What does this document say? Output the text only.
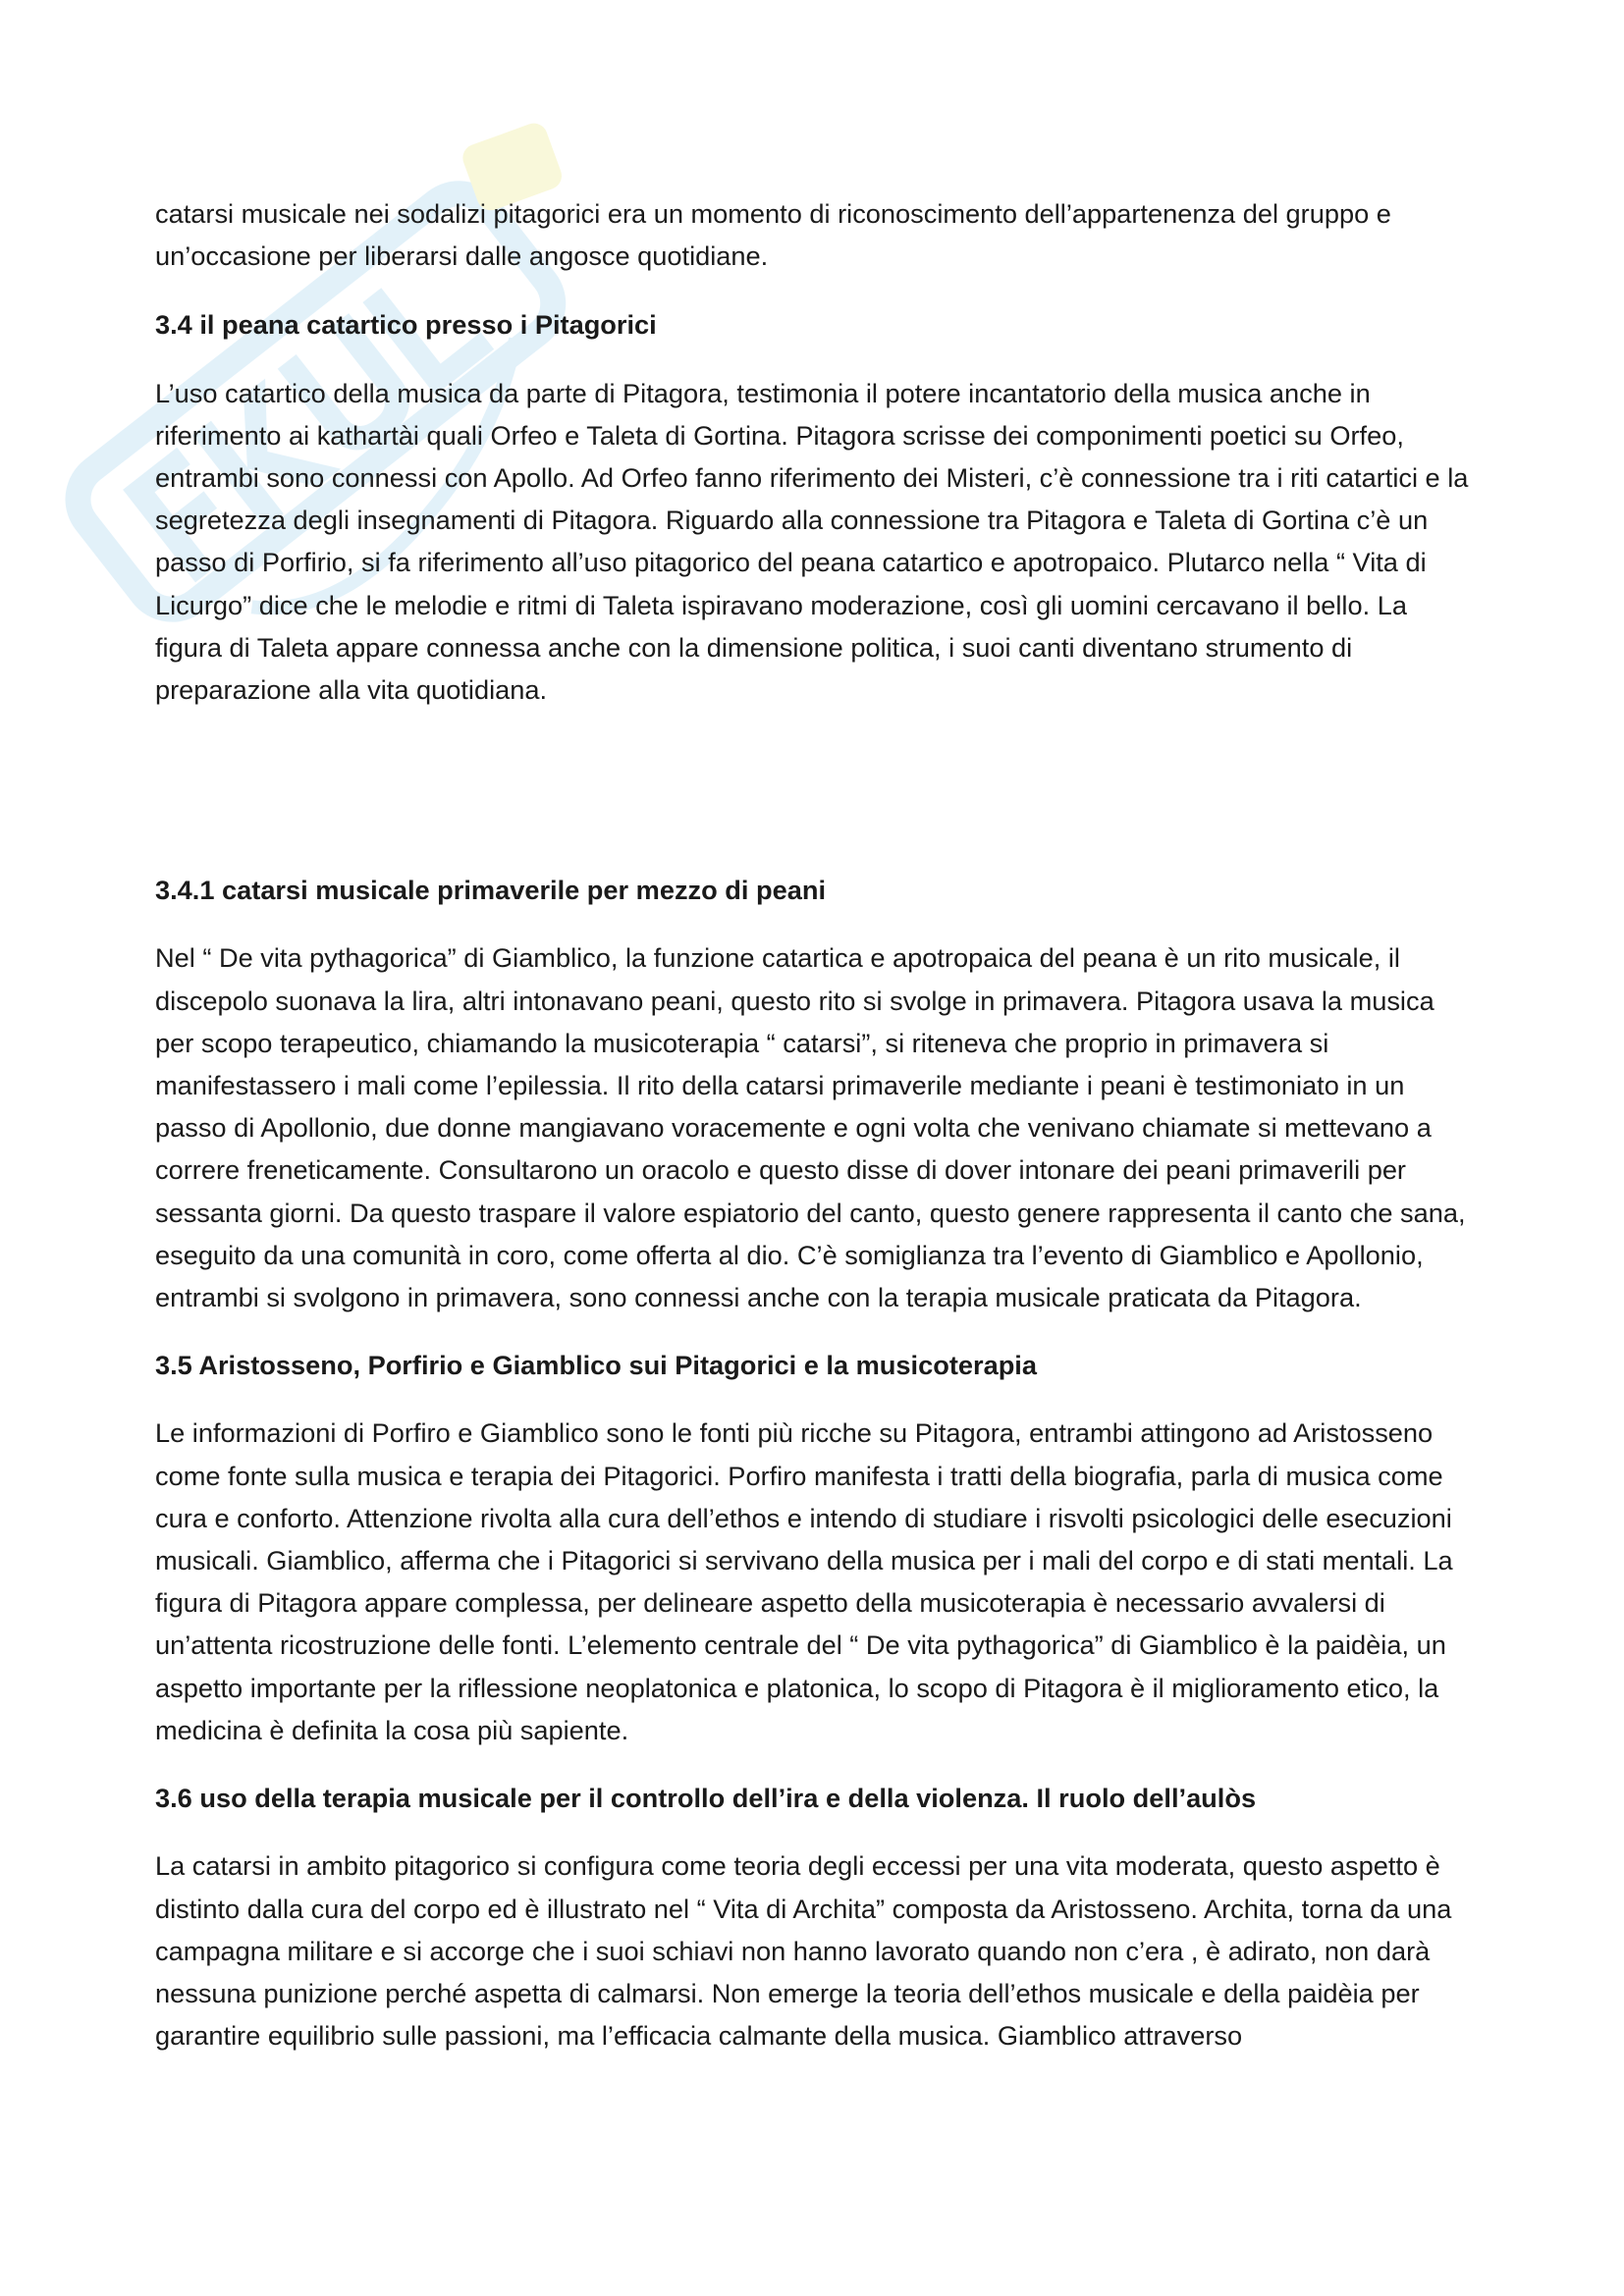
catarsi musicale nei sodalizi pitagorici era un momento di riconoscimento dell’appartenenza del gruppo e un’occasione per liberarsi dalle angosce quotidiane.

3.4 il peana catartico presso i Pitagorici

L’uso catartico della musica da parte di Pitagora, testimonia il potere incantatorio della musica anche in riferimento ai kathartài quali Orfeo e Taleta di Gortina. Pitagora scrisse dei componimenti poetici su Orfeo, entrambi sono connessi con Apollo. Ad Orfeo fanno riferimento dei Misteri, c’è connessione tra i riti catartici e la segretezza degli insegnamenti di Pitagora. Riguardo alla connessione tra Pitagora e Taleta di Gortina c’è un passo di Porfirio, si fa riferimento all’uso pitagorico del peana catartico e apotropaico. Plutarco nella “ Vita di Licurgo” dice che le melodie e ritmi di Taleta ispiravano moderazione, così gli uomini cercavano il bello. La figura di Taleta appare connessa anche con la dimensione politica, i suoi canti diventano strumento di preparazione alla vita quotidiana.

3.4.1 catarsi musicale primaverile per mezzo di peani

Nel “ De vita pythagorica” di Giamblico, la funzione catartica e apotropaica del peana è un rito musicale, il discepolo suonava la lira, altri intonavano peani, questo rito si svolge in primavera. Pitagora usava la musica per scopo terapeutico, chiamando la musicoterapia “ catarsi”, si riteneva che proprio in primavera si manifestassero i mali come l’epilessia. Il rito della catarsi primaverile mediante i peani è testimoniato in un passo di Apollonio, due donne mangiavano voracemente e ogni volta che venivano chiamate si mettevano a correre freneticamente. Consultarono un oracolo e questo disse di dover intonare dei peani primaverili per sessanta giorni. Da questo traspare il valore espiatorio del canto, questo genere rappresenta il canto che sana, eseguito da una comunità in coro, come offerta al dio. C’è somiglianza tra l’evento di Giamblico e Apollonio, entrambi si svolgono in primavera, sono connessi anche con la terapia musicale praticata da Pitagora.

3.5 Aristosseno, Porfirio e Giamblico sui Pitagorici e la musicoterapia

Le informazioni di Porfiro e Giamblico sono le fonti più ricche su Pitagora, entrambi attingono ad Aristosseno come fonte sulla musica e terapia dei Pitagorici. Porfiro manifesta i tratti della biografia, parla di musica come cura e conforto. Attenzione rivolta alla cura dell’ethos e intendo di studiare i risvolti psicologici delle esecuzioni musicali. Giamblico, afferma che i Pitagorici si servivano della musica per i mali del corpo e di stati mentali. La figura di Pitagora appare complessa, per delineare aspetto della musicoterapia è necessario avvalersi di un’attenta ricostruzione delle fonti. L’elemento centrale del “ De vita pythagorica” di Giamblico è la paidèia, un aspetto importante per la riflessione neoplatonica e platonica, lo scopo di Pitagora è il miglioramento etico, la medicina è definita la cosa più sapiente.

3.6 uso della terapia musicale per il controllo dell’ira e della violenza. Il ruolo dell’aulòs

La catarsi in ambito pitagorico si configura come teoria degli eccessi per una vita moderata, questo aspetto è distinto dalla cura del corpo ed è illustrato nel “ Vita di Archita” composta da Aristosseno. Archita, torna da una campagna militare e si accorge che i suoi schiavi non hanno lavorato quando non c’era , è adirato, non darà nessuna punizione perché aspetta di calmarsi. Non emerge la teoria dell’ethos musicale e della paidèia per garantire equilibrio sulle passioni, ma l’efficacia calmante della musica. Giamblico attraverso
